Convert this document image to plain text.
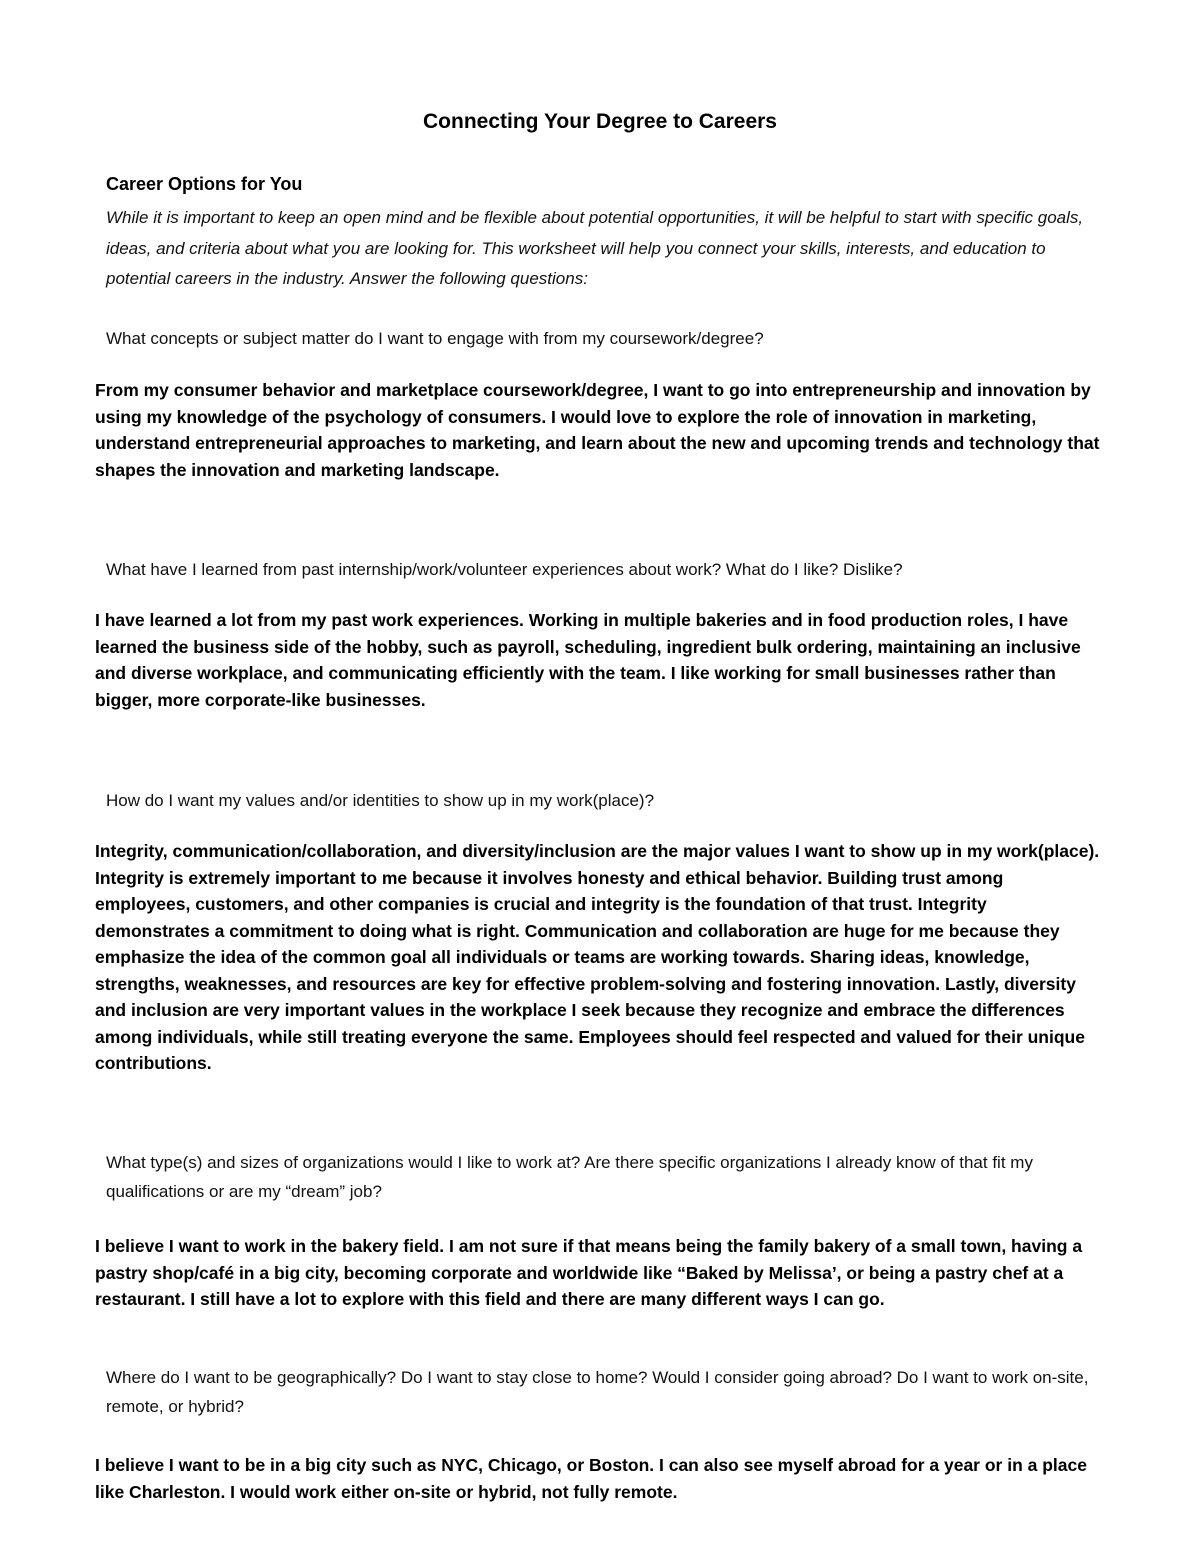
Connecting Your Degree to Careers
Career Options for You

While it is important to keep an open mind and be flexible about potential opportunities, it will be helpful to start with specific goals, ideas, and criteria about what you are looking for. This worksheet will help you connect your skills, interests, and education to potential careers in the industry. Answer the following questions:

What concepts or subject matter do I want to engage with from my coursework/degree?

From my consumer behavior and marketplace coursework/degree, I want to go into entrepreneurship and innovation by using my knowledge of the psychology of consumers. I would love to explore the role of innovation in marketing, understand entrepreneurial approaches to marketing, and learn about the new and upcoming trends and technology that shapes the innovation and marketing landscape.

What have I learned from past internship/work/volunteer experiences about work? What do I like? Dislike?

I have learned a lot from my past work experiences. Working in multiple bakeries and in food production roles, I have learned the business side of the hobby, such as payroll, scheduling, ingredient bulk ordering, maintaining an inclusive and diverse workplace, and communicating efficiently with the team. I like working for small businesses rather than bigger, more corporate-like businesses.

How do I want my values and/or identities to show up in my work(place)?

Integrity, communication/collaboration, and diversity/inclusion are the major values I want to show up in my work(place). Integrity is extremely important to me because it involves honesty and ethical behavior. Building trust among employees, customers, and other companies is crucial and integrity is the foundation of that trust. Integrity demonstrates a commitment to doing what is right. Communication and collaboration are huge for me because they emphasize the idea of the common goal all individuals or teams are working towards. Sharing ideas, knowledge, strengths, weaknesses, and resources are key for effective problem-solving and fostering innovation. Lastly, diversity and inclusion are very important values in the workplace I seek because they recognize and embrace the differences among individuals, while still treating everyone the same. Employees should feel respected and valued for their unique contributions.

What type(s) and sizes of organizations would I like to work at? Are there specific organizations I already know of that fit my qualifications or are my “dream” job?

I believe I want to work in the bakery field. I am not sure if that means being the family bakery of a small town, having a pastry shop/café in a big city, becoming corporate and worldwide like “Baked by Melissa’, or being a pastry chef at a restaurant. I still have a lot to explore with this field and there are many different ways I can go.

Where do I want to be geographically? Do I want to stay close to home? Would I consider going abroad? Do I want to work on-site, remote, or hybrid?

I believe I want to be in a big city such as NYC, Chicago, or Boston. I can also see myself abroad for a year or in a place like Charleston. I would work either on-site or hybrid, not fully remote.
